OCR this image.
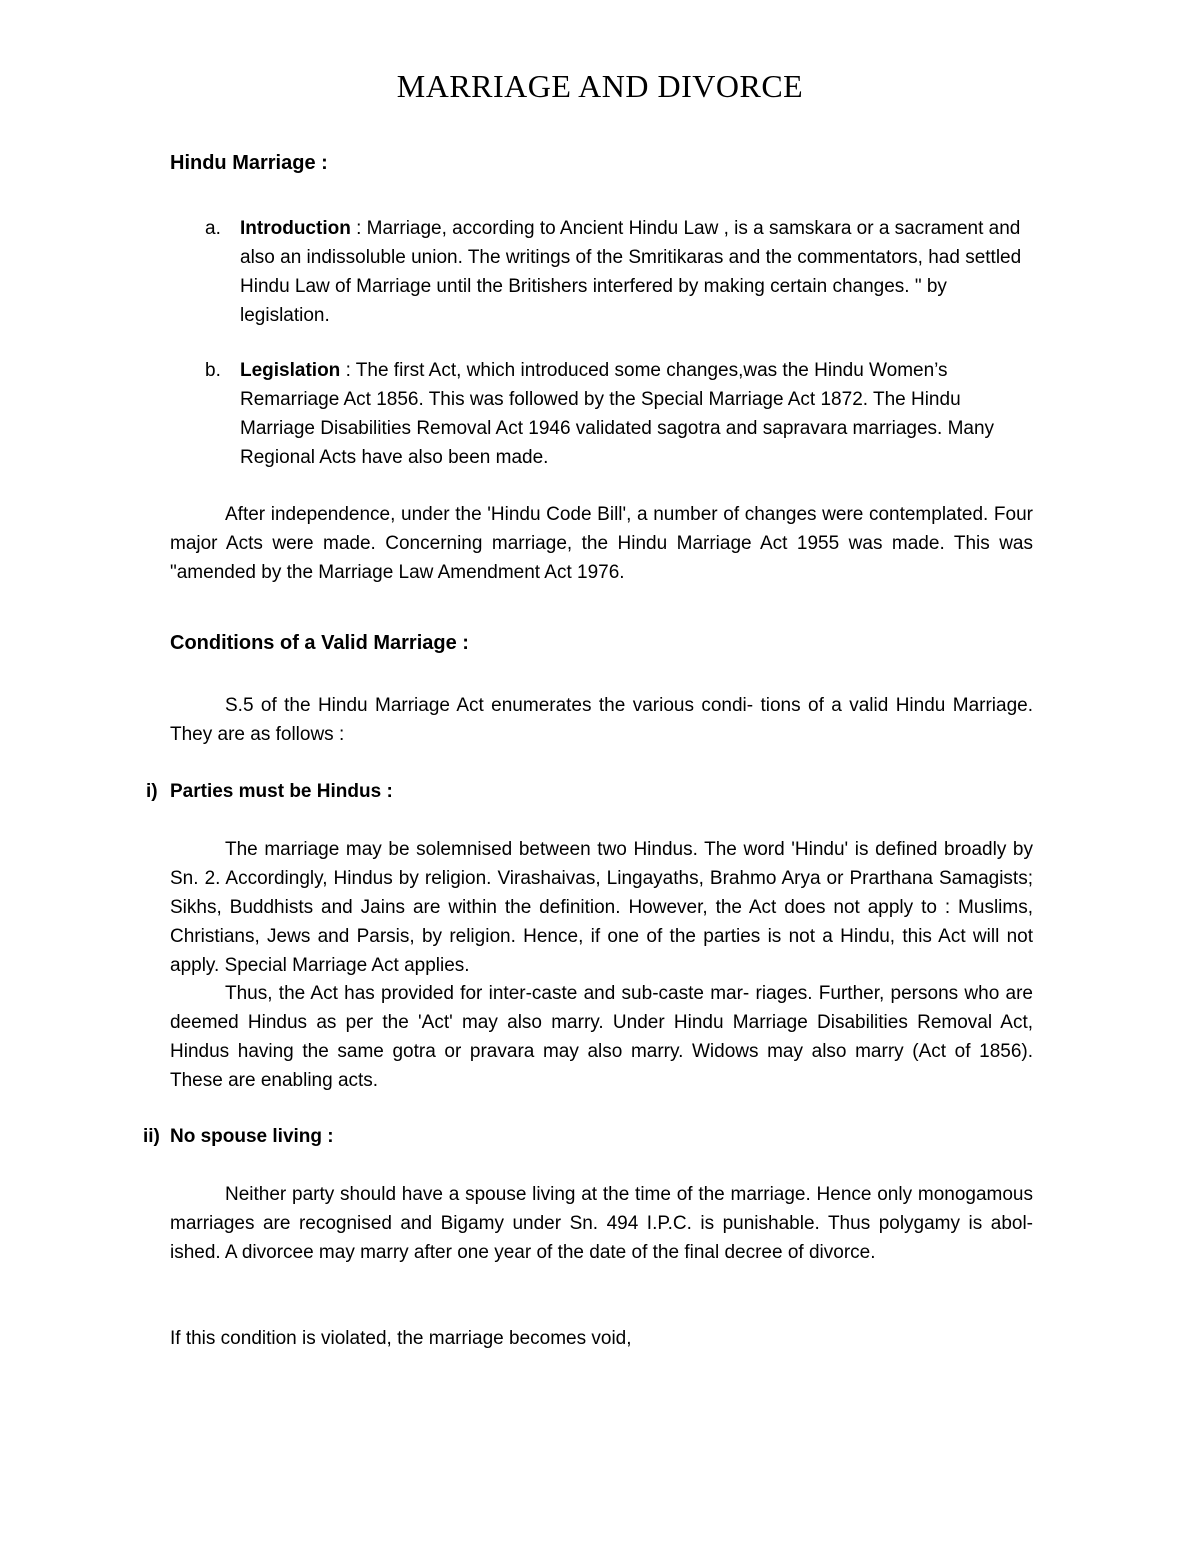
MARRIAGE AND DIVORCE
Hindu Marriage :
a. Introduction : Marriage, according to Ancient Hindu Law , is a samskara or a sacrament and also an indissoluble union. The writings of the Smritikaras and the commentators, had settled Hindu Law of Marriage until the Britishers interfered by making certain changes. " by legislation.
b. Legislation : The first Act, which introduced some changes,was the Hindu Women’s Remarriage Act 1856. This was followed by the Special Marriage Act 1872. The Hindu Marriage Disabilities Removal Act 1946 validated sagotra and sapravara marriages. Many Regional Acts have also been made.

After independence, under the 'Hindu Code Bill', a number of changes were contemplated. Four major Acts were made. Concerning marriage, the Hindu Marriage Act 1955 was made. This was "amended by the Marriage Law Amendment Act 1976.

Conditions of a Valid Marriage :

S.5 of the Hindu Marriage Act enumerates the various condi- tions of a valid Hindu Marriage. They are as follows :

i) Parties must be Hindus :

The marriage may be solemnised between two Hindus. The word 'Hindu' is defined broadly by Sn. 2. Accordingly, Hindus by religion. Virashaivas, Lingayaths, Brahmo Arya or Prarthana Samagists; Sikhs, Buddhists and Jains are within the definition. However, the Act does not apply to : Muslims, Christians, Jews and Parsis, by religion. Hence, if one of the parties is not a Hindu, this Act will not apply. Special Marriage Act applies.

Thus, the Act has provided for inter-caste and sub-caste mar- riages. Further, persons who are deemed Hindus as per the 'Act' may also marry. Under Hindu Marriage Disabilities Removal Act, Hindus having the same gotra or pravara may also marry. Widows may also marry (Act of 1856). These are enabling acts.

ii) No spouse living :

Neither party should have a spouse living at the time of the marriage. Hence only monogamous marriages are recognised and Bigamy under Sn. 494 I.P.C. is punishable. Thus polygamy is abol- ished. A divorcee may marry after one year of the date of the final decree of divorce.

If this condition is violated, the marriage becomes void,
